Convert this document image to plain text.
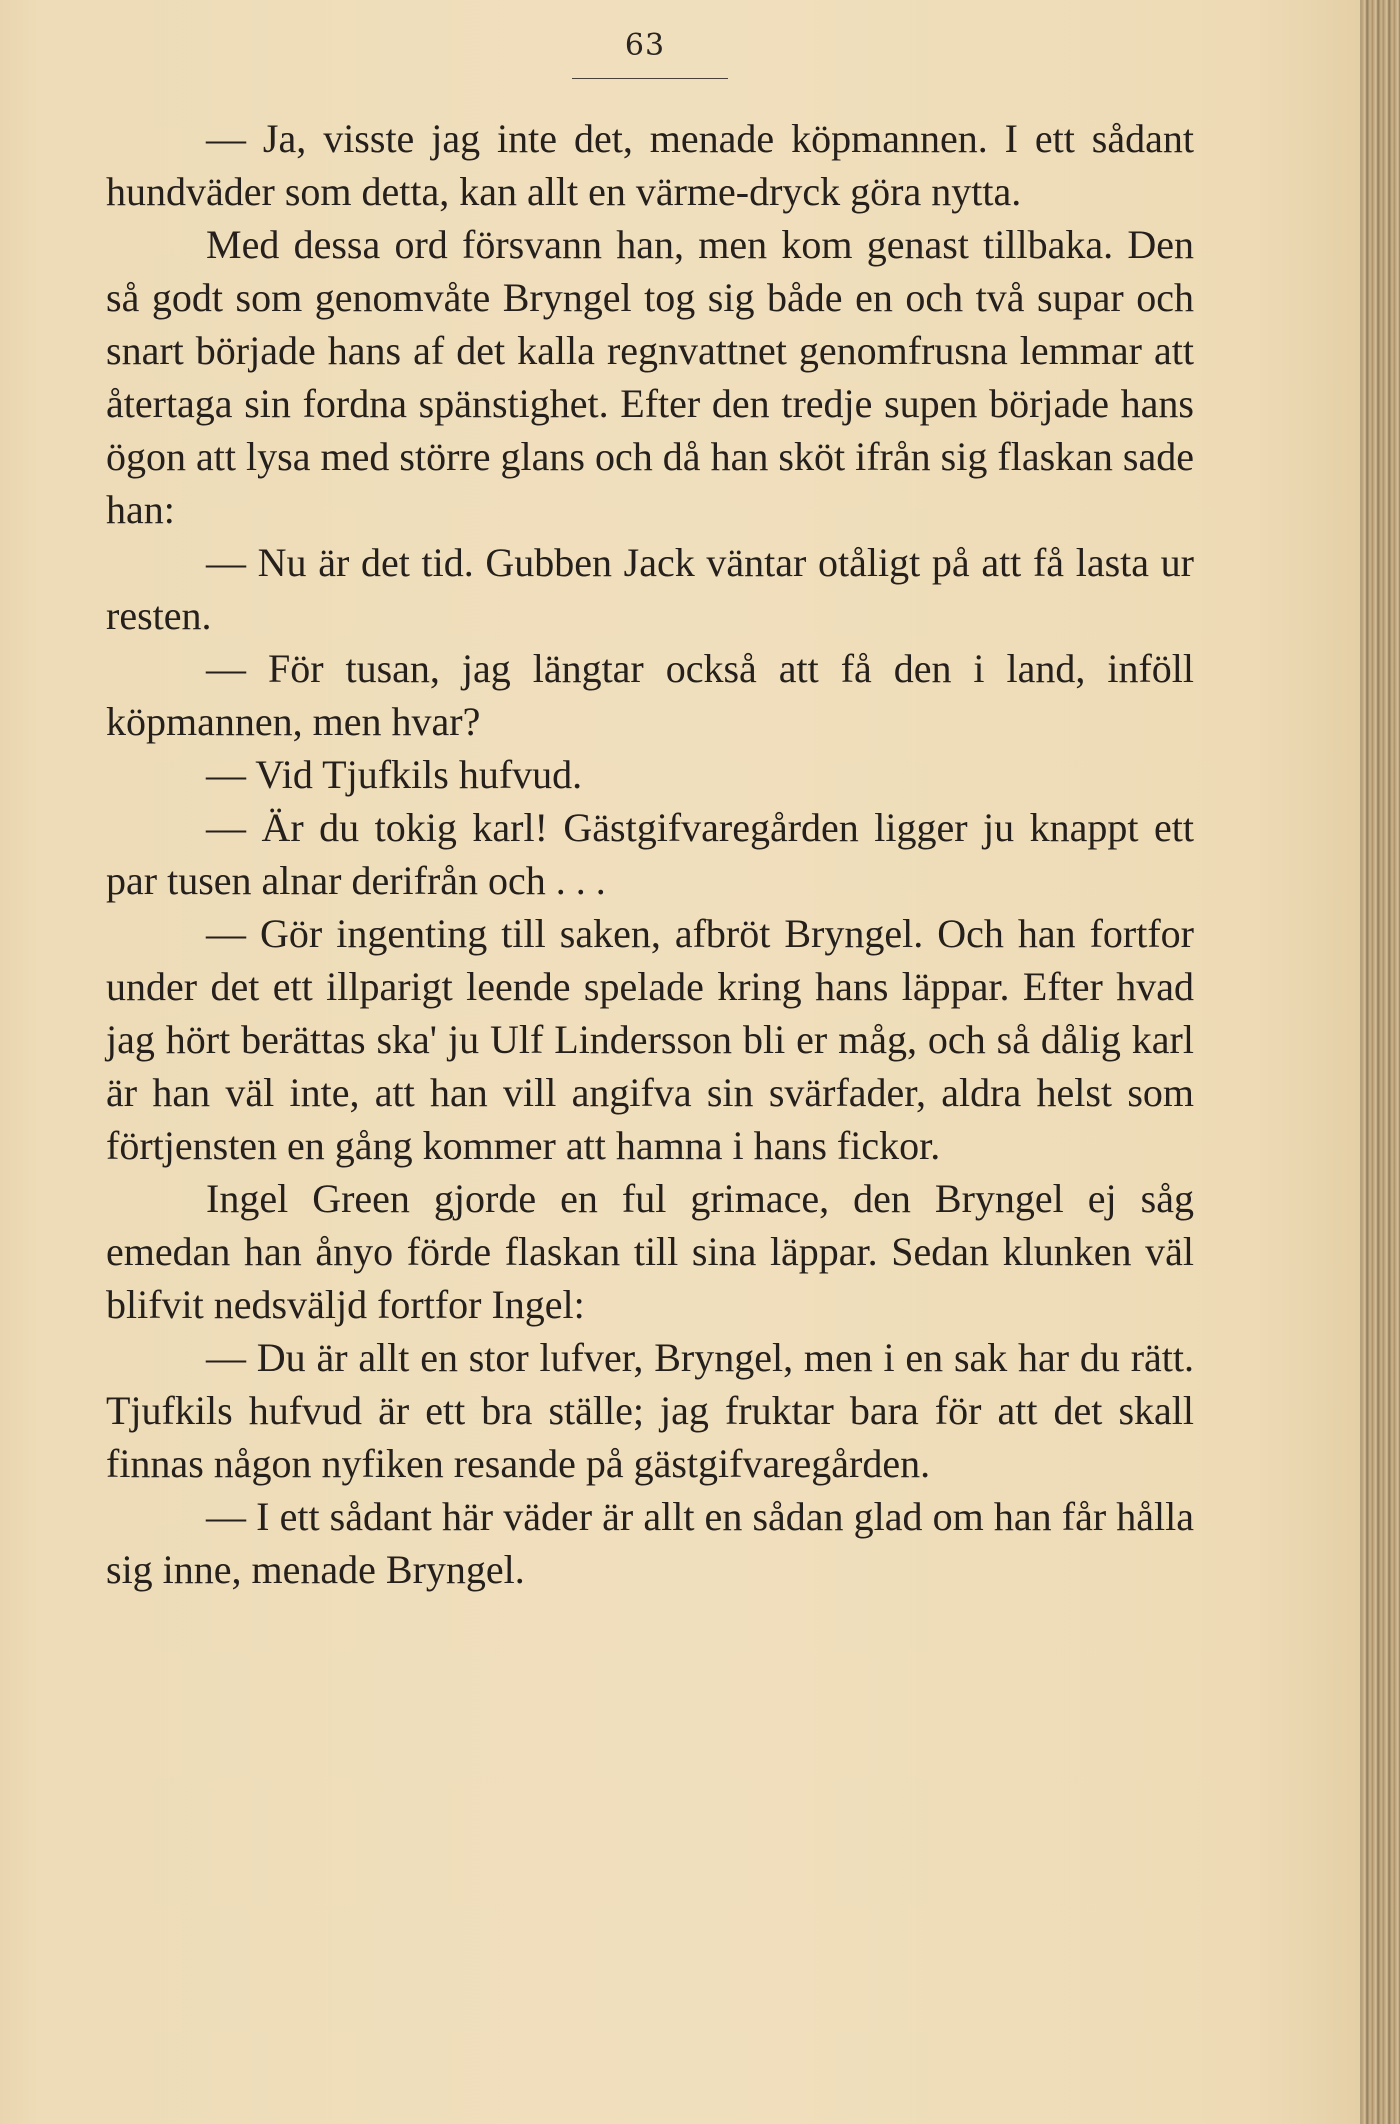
63

— Ja, visste jag inte det, menade köpmannen. I ett sådant hundväder som detta, kan allt en värme-dryck göra nytta.

Med dessa ord försvann han, men kom genast tillbaka. Den så godt som genomvåte Bryngel tog sig både en och två supar och snart började hans af det kalla regnvattnet genomfrusna lemmar att återtaga sin fordna spänstighet. Efter den tredje supen började hans ögon att lysa med större glans och då han sköt ifrån sig flaskan sade han:

— Nu är det tid. Gubben Jack väntar otåligt på att få lasta ur resten.

— För tusan, jag längtar också att få den i land, inföll köpmannen, men hvar?

— Vid Tjufkils hufvud.

— Är du tokig karl! Gästgifvaregården ligger ju knappt ett par tusen alnar derifrån och . . .

— Gör ingenting till saken, afbröt Bryngel. Och han fortfor under det ett illparigt leende spelade kring hans läppar. Efter hvad jag hört berättas ska' ju Ulf Lindersson bli er måg, och så dålig karl är han väl inte, att han vill angifva sin svärfader, aldra helst som förtjensten en gång kommer att hamna i hans fickor.

Ingel Green gjorde en ful grimace, den Bryngel ej såg emedan han ånyo förde flaskan till sina läppar. Sedan klunken väl blifvit nedsväljd fortfor Ingel:

— Du är allt en stor lufver, Bryngel, men i en sak har du rätt. Tjufkils hufvud är ett bra ställe; jag fruktar bara för att det skall finnas någon nyfiken resande på gästgifvaregården.

— I ett sådant här väder är allt en sådan glad om han får hålla sig inne, menade Bryngel.
